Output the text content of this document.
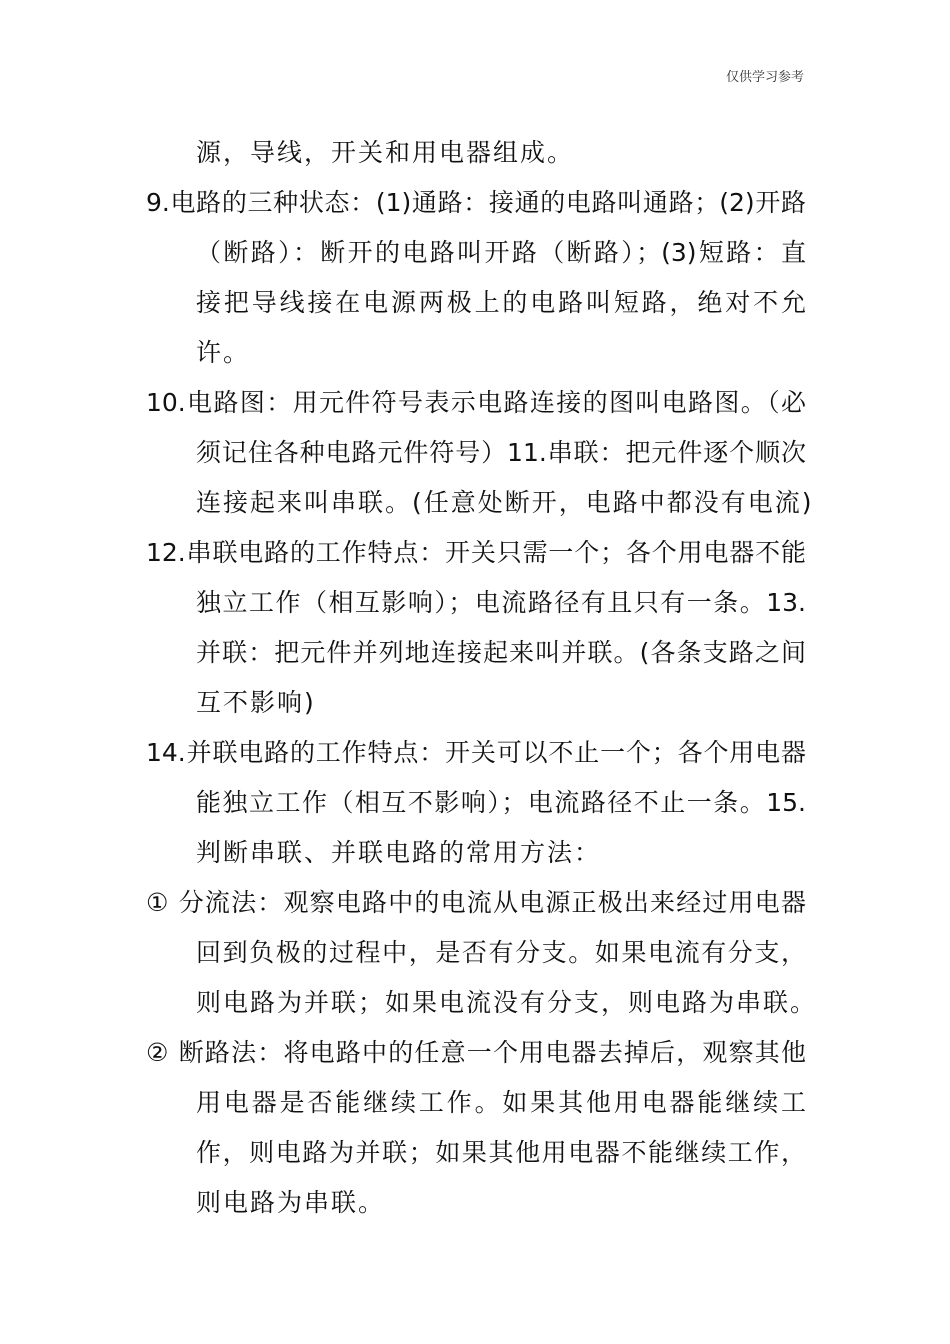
仅供学习参考
源，导线，开关和用电器组成。
9.电路的三种状态：(1)通路：接通的电路叫通路；(2)开路
（断路）：断开的电路叫开路（断路）；(3)短路：直
接把导线接在电源两极上的电路叫短路，绝对不允
许。
10.电路图：用元件符号表示电路连接的图叫电路图。（必
须记住各种电路元件符号）11.串联：把元件逐个顺次
连接起来叫串联。(任意处断开，电路中都没有电流)
12.串联电路的工作特点：开关只需一个；各个用电器不能
独立工作（相互影响）；电流路径有且只有一条。13.
并联：把元件并列地连接起来叫并联。(各条支路之间
互不影响)
14.并联电路的工作特点：开关可以不止一个；各个用电器
能独立工作（相互不影响）；电流路径不止一条。15.
判断串联、并联电路的常用方法：
① 分流法：观察电路中的电流从电源正极出来经过用电器
回到负极的过程中，是否有分支。如果电流有分支，
则电路为并联；如果电流没有分支，则电路为串联。
② 断路法：将电路中的任意一个用电器去掉后，观察其他
用电器是否能继续工作。如果其他用电器能继续工
作，则电路为并联；如果其他用电器不能继续工作，
则电路为串联。
